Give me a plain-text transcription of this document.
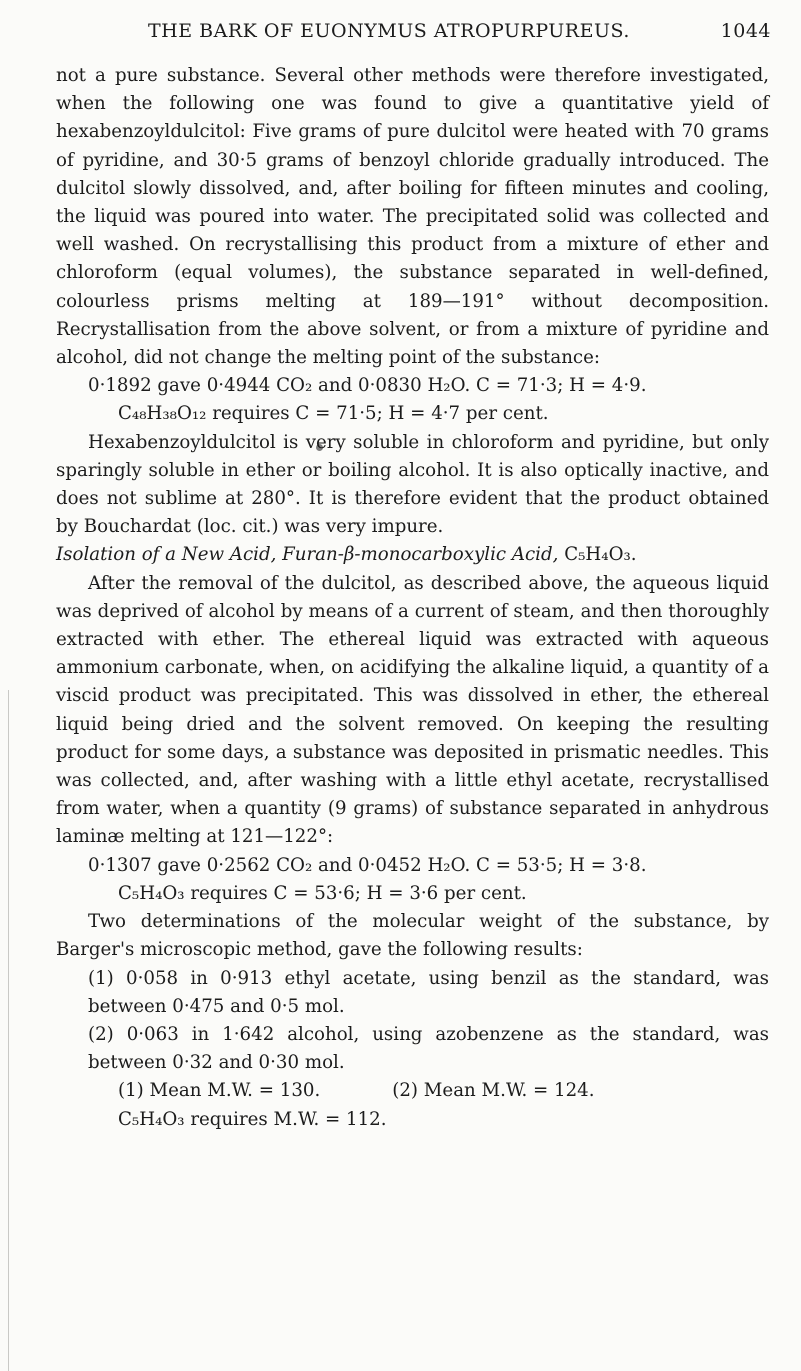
THE BARK OF EUONYMUS ATROPURPUREUS.	1044

not a pure substance. Several other methods were therefore investigated, when the following one was found to give a quantitative yield of hexabenzoyldulcitol: Five grams of pure dulcitol were heated with 70 grams of pyridine, and 30·5 grams of benzoyl chloride gradually introduced. The dulcitol slowly dissolved, and, after boiling for fifteen minutes and cooling, the liquid was poured into water. The precipitated solid was collected and well washed. On recrystallising this product from a mixture of ether and chloroform (equal volumes), the substance separated in well-defined, colourless prisms melting at 189—191° without decomposition. Recrystallisation from the above solvent, or from a mixture of pyridine and alcohol, did not change the melting point of the substance:

0·1892 gave 0·4944 CO₂ and 0·0830 H₂O. C = 71·3; H = 4·9.

C₄₈H₃₈O₁₂ requires C = 71·5; H = 4·7 per cent.

Hexabenzoyldulcitol is very soluble in chloroform and pyridine, but only sparingly soluble in ether or boiling alcohol. It is also optically inactive, and does not sublime at 280°. It is therefore evident that the product obtained by Bouchardat (loc. cit.) was very impure.

Isolation of a New Acid, Furan-β-monocarboxylic Acid, C₅H₄O₃.

After the removal of the dulcitol, as described above, the aqueous liquid was deprived of alcohol by means of a current of steam, and then thoroughly extracted with ether. The ethereal liquid was extracted with aqueous ammonium carbonate, when, on acidifying the alkaline liquid, a quantity of a viscid product was precipitated. This was dissolved in ether, the ethereal liquid being dried and the solvent removed. On keeping the resulting product for some days, a substance was deposited in prismatic needles. This was collected, and, after washing with a little ethyl acetate, recrystallised from water, when a quantity (9 grams) of substance separated in anhydrous laminæ melting at 121—122°:

0·1307 gave 0·2562 CO₂ and 0·0452 H₂O. C = 53·5; H = 3·8.

C₅H₄O₃ requires C = 53·6; H = 3·6 per cent.

Two determinations of the molecular weight of the substance, by Barger's microscopic method, gave the following results:

(1) 0·058 in 0·913 ethyl acetate, using benzil as the standard, was between 0·475 and 0·5 mol.

(2) 0·063 in 1·642 alcohol, using azobenzene as the standard, was between 0·32 and 0·30 mol.

(1) Mean M.W. = 130.	(2) Mean M.W. = 124.

C₅H₄O₃ requires M.W. = 112.
